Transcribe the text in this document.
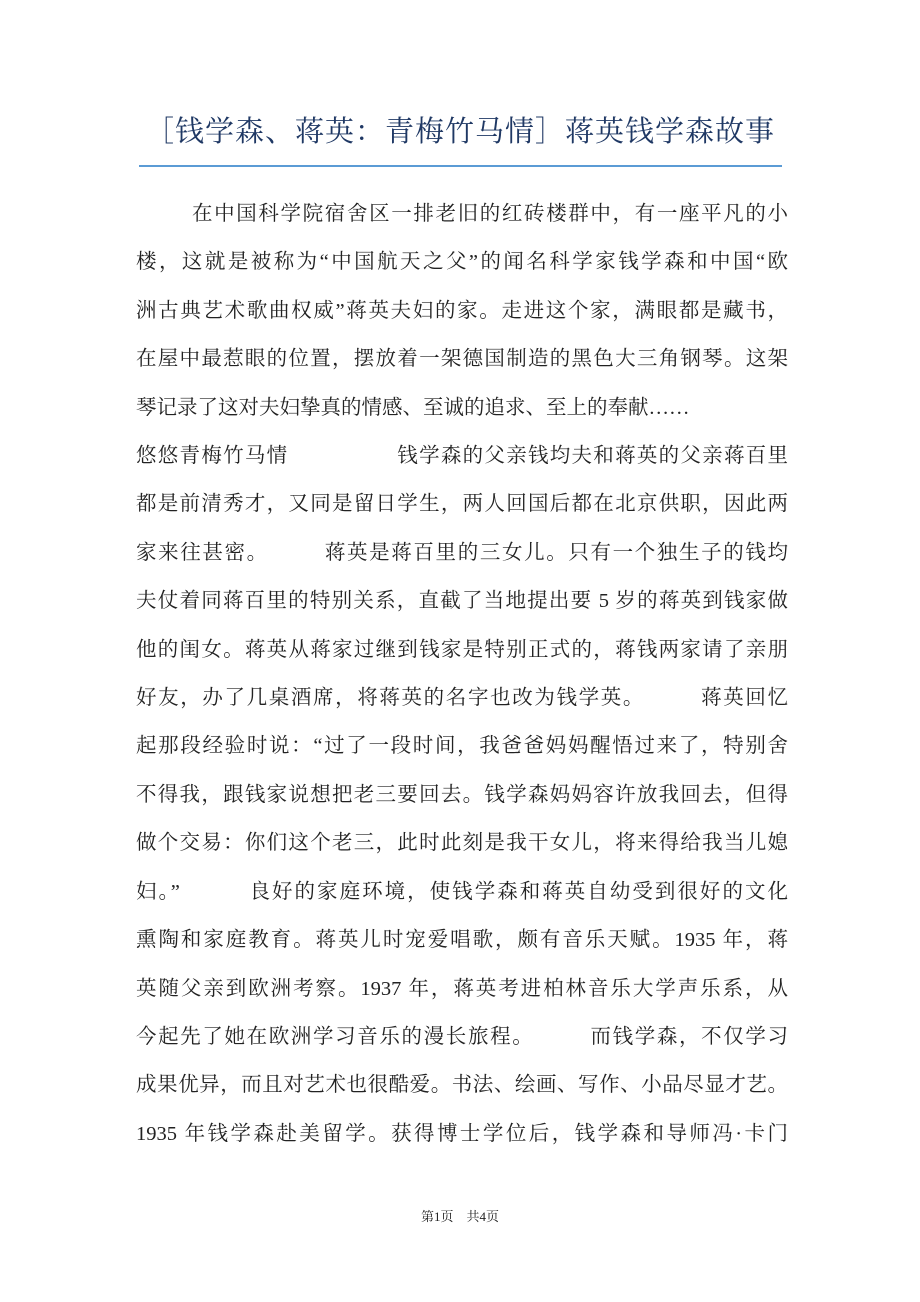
［钱学森、蒋英：青梅竹马情］蒋英钱学森故事
在中国科学院宿舍区一排老旧的红砖楼群中，有一座平凡的小
楼，这就是被称为“中国航天之父”的闻名科学家钱学森和中国“欧
洲古典艺术歌曲权威”蒋英夫妇的家。走进这个家，满眼都是藏书，
在屋中最惹眼的位置，摆放着一架德国制造的黑色大三角钢琴。这架
琴记录了这对夫妇挚真的情感、至诚的追求、至上的奉献……
悠悠青梅竹马情　　　　　钱学森的父亲钱均夫和蒋英的父亲蒋百里
都是前清秀才，又同是留日学生，两人回国后都在北京供职，因此两
家来往甚密。　　　蒋英是蒋百里的三女儿。只有一个独生子的钱均
夫仗着同蒋百里的特别关系，直截了当地提出要 5 岁的蒋英到钱家做
他的闺女。蒋英从蒋家过继到钱家是特别正式的，蒋钱两家请了亲朋
好友，办了几桌酒席，将蒋英的名字也改为钱学英。　　　蒋英回忆
起那段经验时说：“过了一段时间，我爸爸妈妈醒悟过来了，特别舍
不得我，跟钱家说想把老三要回去。钱学森妈妈容许放我回去，但得
做个交易：你们这个老三，此时此刻是我干女儿，将来得给我当儿媳
妇。”　　　良好的家庭环境，使钱学森和蒋英自幼受到很好的文化
熏陶和家庭教育。蒋英儿时宠爱唱歌，颇有音乐天赋。1935 年，蒋
英随父亲到欧洲考察。1937 年，蒋英考进柏林音乐大学声乐系，从
今起先了她在欧洲学习音乐的漫长旅程。　　　而钱学森，不仅学习
成果优异，而且对艺术也很酷爱。书法、绘画、写作、小品尽显才艺。
1935 年钱学森赴美留学。获得博士学位后，钱学森和导师冯·卡门
第1页　共4页
